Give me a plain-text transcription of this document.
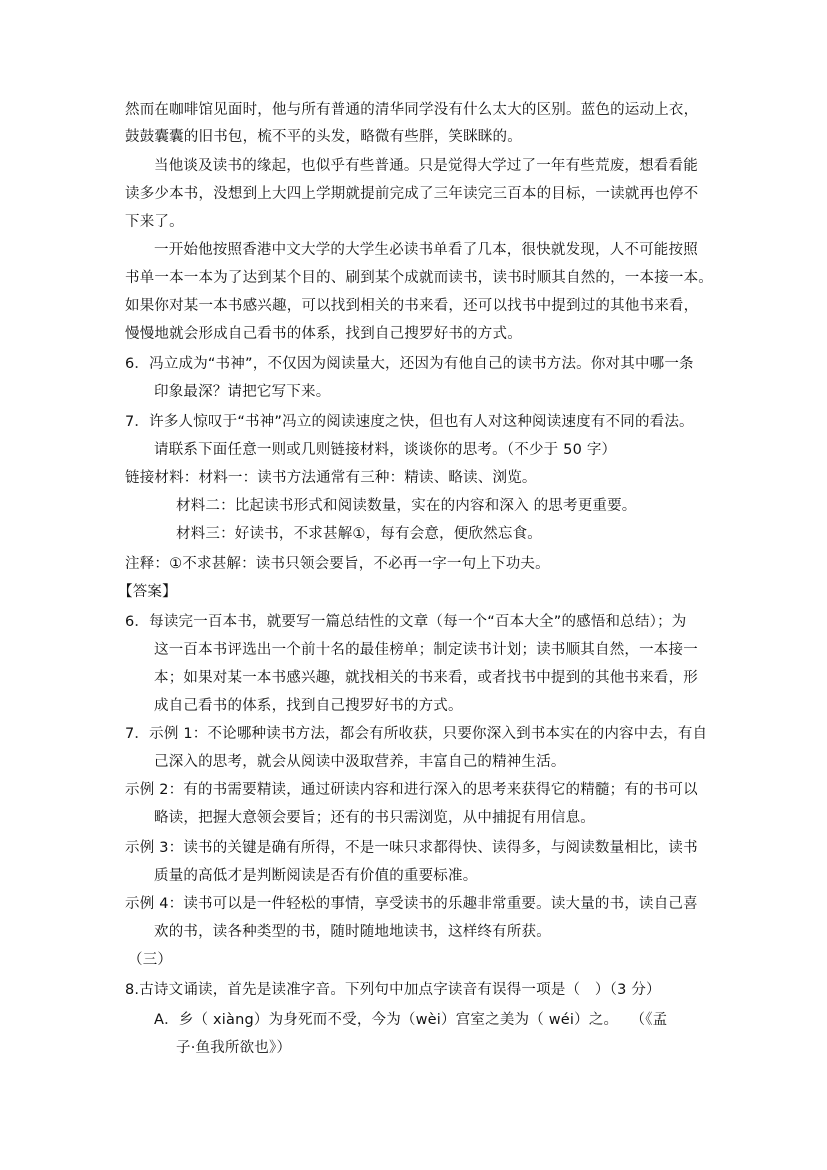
然而在咖啡馆见面时，他与所有普通的清华同学没有什么太大的区别。蓝色的运动上衣，
鼓鼓囊囊的旧书包，梳不平的头发，略微有些胖，笑眯眯的。
当他谈及读书的缘起，也似乎有些普通。只是觉得大学过了一年有些荒废，想看看能
读多少本书，没想到上大四上学期就提前完成了三年读完三百本的目标，一读就再也停不
下来了。
一开始他按照香港中文大学的大学生必读书单看了几本，很快就发现，人不可能按照
书单一本一本为了达到某个目的、刷到某个成就而读书，读书时顺其自然的，一本接一本。
如果你对某一本书感兴趣，可以找到相关的书来看，还可以找书中提到过的其他书来看，
慢慢地就会形成自己看书的体系，找到自己搜罗好书的方式。
6．冯立成为“书神”，不仅因为阅读量大，还因为有他自己的读书方法。你对其中哪一条
印象最深？请把它写下来。
7．许多人惊叹于“书神”冯立的阅读速度之快，但也有人对这种阅读速度有不同的看法。
请联系下面任意一则或几则链接材料，谈谈你的思考。（不少于 50 字）
链接材料：材料一：读书方法通常有三种：精读、略读、浏览。
材料二：比起读书形式和阅读数量，实在的内容和深入 的思考更重要。
材料三：好读书，不求甚解①，每有会意，便欣然忘食。
注释：①不求甚解：读书只领会要旨，不必再一字一句上下功夫。
【答案】
6．每读完一百本书，就要写一篇总结性的文章（每一个“百本大全”的感悟和总结）；为
这一百本书评选出一个前十名的最佳榜单；制定读书计划；读书顺其自然，一本接一
本；如果对某一本书感兴趣，就找相关的书来看，或者找书中提到的其他书来看，形
成自己看书的体系，找到自己搜罗好书的方式。
7．示例 1：不论哪种读书方法，都会有所收获，只要你深入到书本实在的内容中去，有自
己深入的思考，就会从阅读中汲取营养，丰富自己的精神生活。
示例 2：有的书需要精读，通过研读内容和进行深入的思考来获得它的精髓；有的书可以
略读，把握大意领会要旨；还有的书只需浏览，从中捕捉有用信息。
示例 3：读书的关键是确有所得，不是一味只求都得快、读得多，与阅读数量相比，读书
质量的高低才是判断阅读是否有价值的重要标准。
示例 4：读书可以是一件轻松的事情，享受读书的乐趣非常重要。读大量的书，读自己喜
欢的书，读各种类型的书，随时随地地读书，这样终有所获。
（三）
8.古诗文诵读，首先是读准字音。下列句中加点字读音有误得一项是（　）（3 分）
A．乡（ xiàng）为身死而不受，今为（wèi）宫室之美为（ wéi）之。　 （《孟
子·鱼我所欲也》）
